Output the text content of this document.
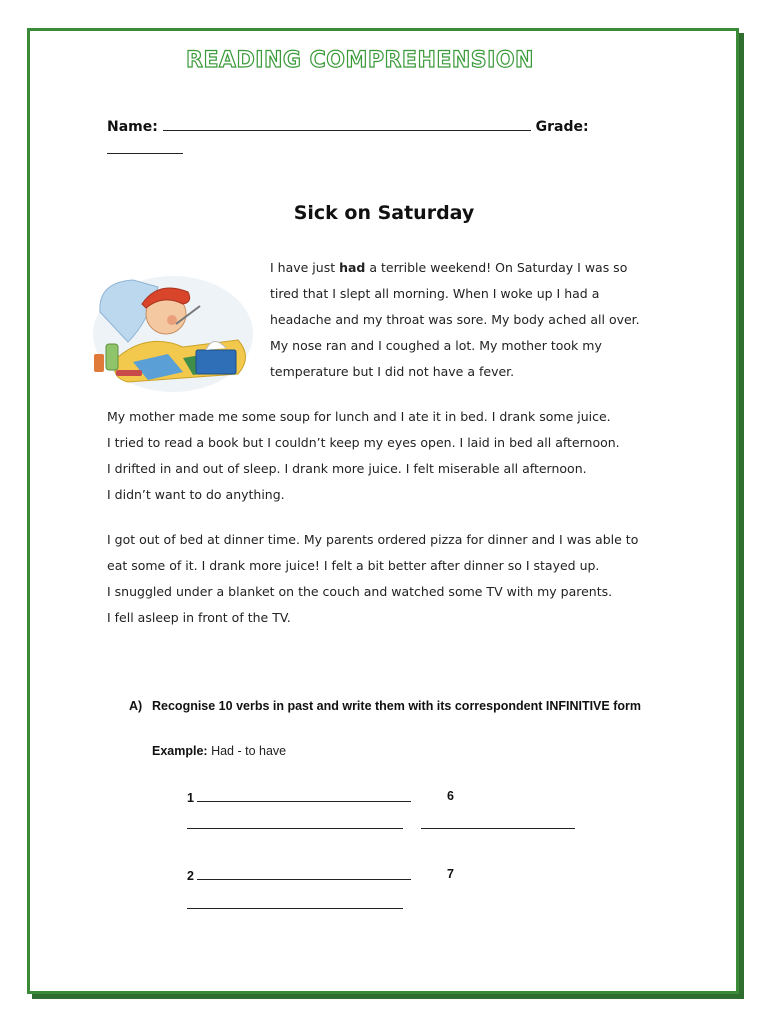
READING COMPREHENSION
Name:	Grade:
Sick on Saturday

I have just had a terrible weekend! On Saturday I was so
tired that I slept all morning. When I woke up I had a
headache and my throat was sore. My body ached all over.
My nose ran and I coughed a lot. My mother took my
temperature but I did not have a fever.

My mother made me some soup for lunch and I ate it in bed. I drank some juice.
I tried to read a book but I couldn’t keep my eyes open. I laid in bed all afternoon.
I drifted in and out of sleep. I drank more juice. I felt miserable all afternoon.
I didn’t want to do anything.

I got out of bed at dinner time. My parents ordered pizza for dinner and I was able to
eat some of it. I drank more juice! I felt a bit better after dinner so I stayed up.
I snuggled under a blanket on the couch and watched some TV with my parents.
I fell asleep in front of the TV.

A) Recognise 10 verbs in past and write them with its correspondent INFINITIVE form
Example: Had - to have
1	6
2	7
